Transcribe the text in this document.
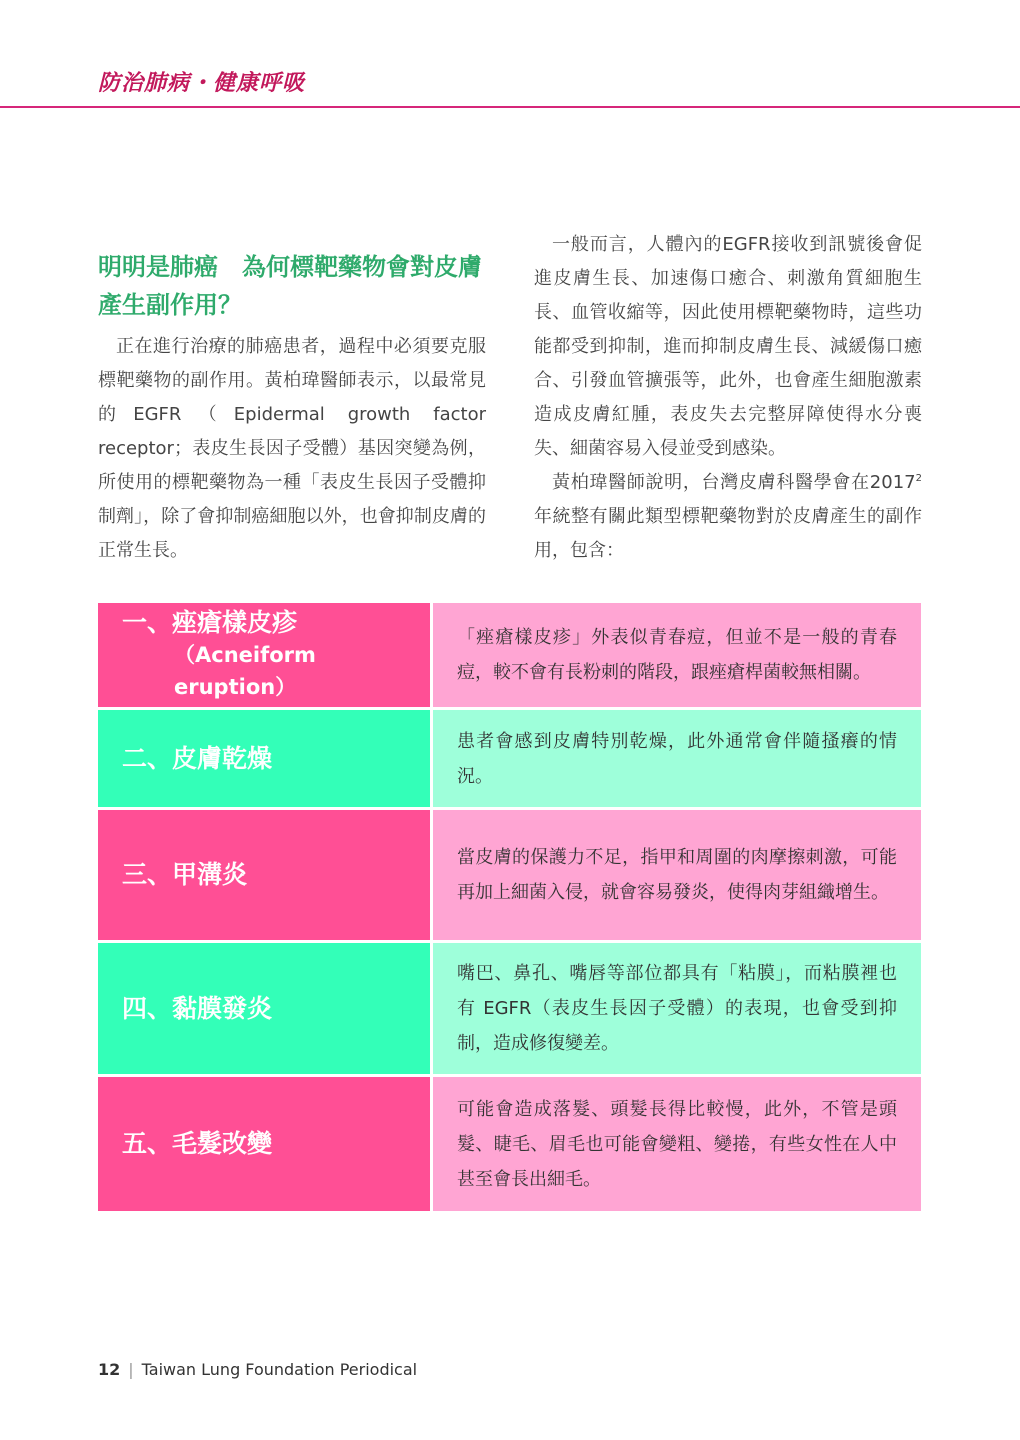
防治肺病・健康呼吸
明明是肺癌　為何標靶藥物會對皮膚產生副作用？

正在進行治療的肺癌患者，過程中必須要克服標靶藥物的副作用。黃柏瑋醫師表示，以最常見的EGFR（Epidermal growth factor receptor；表皮生長因子受體）基因突變為例，所使用的標靶藥物為一種「表皮生長因子受體抑制劑」，除了會抑制癌細胞以外，也會抑制皮膚的正常生長。

一般而言，人體內的EGFR接收到訊號後會促進皮膚生長、加速傷口癒合、刺激角質細胞生長、血管收縮等，因此使用標靶藥物時，這些功能都受到抑制，進而抑制皮膚生長、減緩傷口癒合、引發血管擴張等，此外，也會產生細胞激素造成皮膚紅腫，表皮失去完整屏障使得水分喪失、細菌容易入侵並受到感染。

黃柏瑋醫師說明，台灣皮膚科醫學會在2017$^2$年統整有關此類型標靶藥物對於皮膚產生的副作用，包含：

一、痤瘡樣皮疹
（Acneiform eruption）
「痤瘡樣皮疹」外表似青春痘，但並不是一般的青春痘，較不會有長粉刺的階段，跟痤瘡桿菌較無相關。
二、皮膚乾燥
患者會感到皮膚特別乾燥，此外通常會伴隨搔癢的情況。
三、甲溝炎
當皮膚的保護力不足，指甲和周圍的肉摩擦刺激，可能再加上細菌入侵，就會容易發炎，使得肉芽組織增生。
四、黏膜發炎
嘴巴、鼻孔、嘴唇等部位都具有「粘膜」，而粘膜裡也有 EGFR（表皮生長因子受體）的表現，也會受到抑制，造成修復變差。
五、毛髮改變
可能會造成落髮、頭髮長得比較慢，此外，不管是頭髮、睫毛、眉毛也可能會變粗、變捲，有些女性在人中甚至會長出細毛。
12 | Taiwan Lung Foundation Periodical
